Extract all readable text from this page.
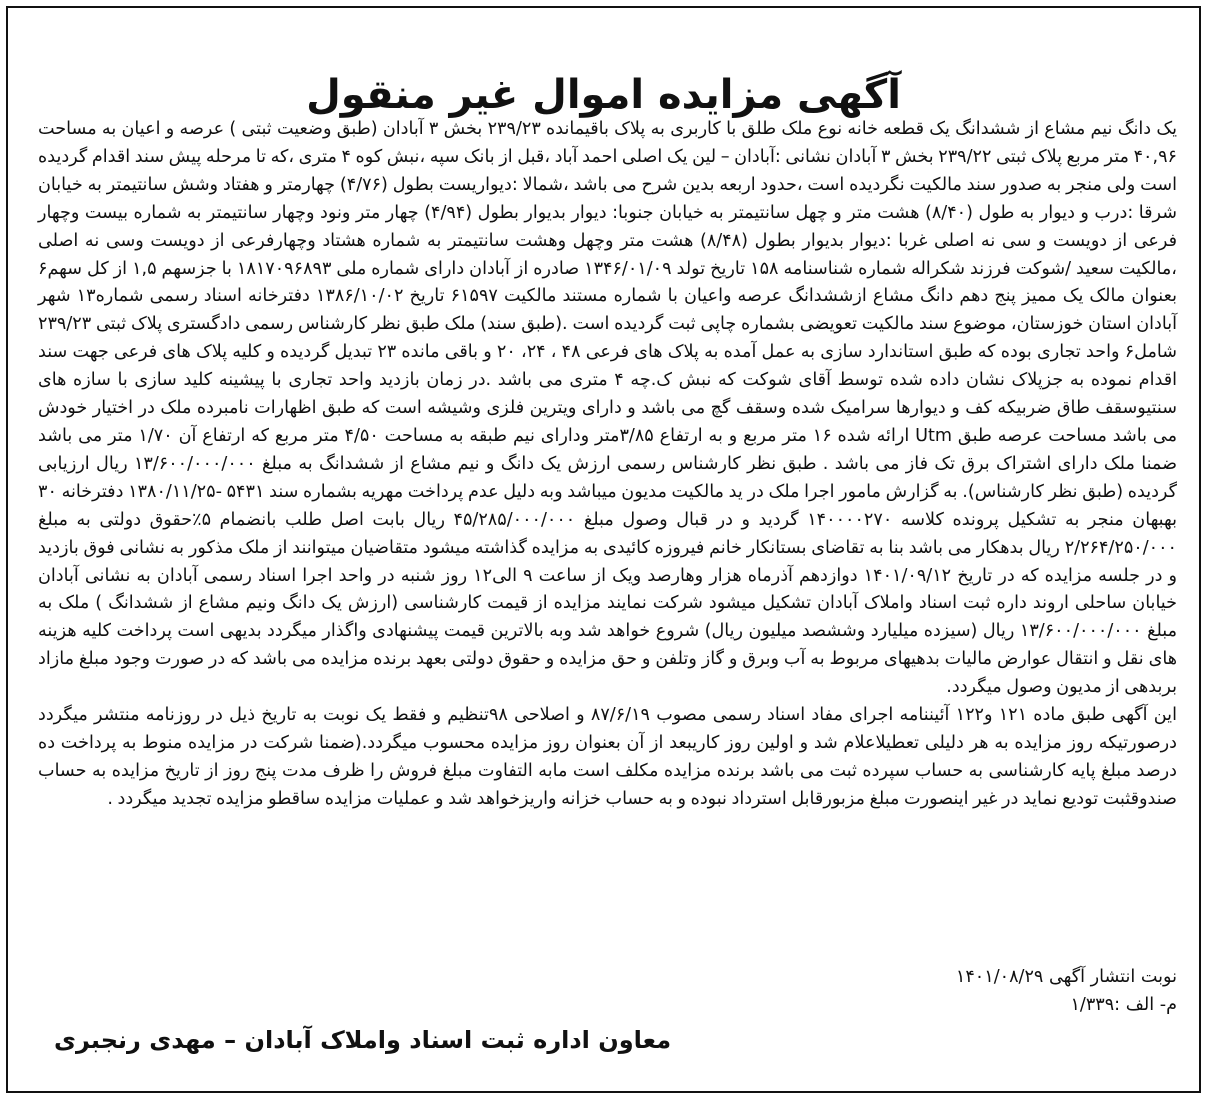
آگهی مزایده اموال غیر منقول

یک دانگ نیم مشاع از ششدانگ یک قطعه خانه نوع ملک طلق با کاربری به پلاک باقیمانده ۲۳۹/۲۳ بخش ۳ آبادان (طبق وضعیت ثبتی ) عرصه و اعیان به مساحت ۴۰,۹۶ متر مربع پلاک ثبتی ۲۳۹/۲۲ بخش ۳ آبادان نشانی :آبادان – لین یک اصلی احمد آباد ،قبل از بانک سپه ،نبش کوه ۴ متری ،که تا مرحله پیش سند اقدام گردیده است ولی منجر به صدور سند مالکیت نگردیده است ،حدود اربعه بدین شرح می باشد ،شمالا :دیواریست بطول (۴/۷۶) چهارمتر و هفتاد وشش سانتیمتر به خیابان شرقا :درب و دیوار به طول (۸/۴۰) هشت متر و چهل سانتیمتر به خیابان جنوبا: دیوار بدیوار بطول (۴/۹۴) چهار متر ونود وچهار سانتیمتر به شماره بیست وچهار فرعی از دویست و سی نه اصلی غربا :دیوار بدیوار بطول (۸/۴۸) هشت متر وچهل وهشت سانتیمتر به شماره هشتاد وچهارفرعی از دویست وسی نه اصلی ،مالکیت سعید /شوکت فرزند شکراله شماره شناسنامه ۱۵۸ تاریخ تولد ۱۳۴۶/۰۱/۰۹ صادره از آبادان دارای شماره ملی ۱۸۱۷۰۹۶۸۹۳ با جزسهم ۱,۵ از کل سهم۶ بعنوان مالک یک ممیز پنج دهم دانگ مشاع ازششدانگ عرصه واعیان با شماره مستند مالکیت ۶۱۵۹۷ تاریخ ۱۳۸۶/۱۰/۰۲ دفترخانه اسناد رسمی شماره۱۳ شهر آبادان استان خوزستان، موضوع سند مالکیت تعویضی بشماره چاپی ثبت گردیده است .(طبق سند) ملک طبق نظر کارشناس رسمی دادگستری پلاک ثبتی ۲۳۹/۲۳ شامل۶ واحد تجاری بوده که طبق استاندارد سازی به عمل آمده به پلاک های فرعی ۴۸ ، ۲۴، ۲۰ و باقی مانده ۲۳ تبدیل گردیده و کلیه پلاک های فرعی جهت سند اقدام نموده به جزپلاک نشان داده شده توسط آقای شوکت که نبش ک.چه ۴ متری می باشد .در زمان بازدید واحد تجاری با پیشینه کلید سازی با سازه های سنتیوسقف طاق ضربیکه کف و دیوارها سرامیک شده وسقف گچ می باشد و دارای ویترین فلزی وشیشه است که طبق اظهارات نامبرده ملک در اختیار خودش می باشد مساحت عرصه طبق Utm ارائه شده ۱۶ متر مربع و به ارتفاع ۳/۸۵متر ودارای نیم طبقه به مساحت ۴/۵۰ متر مربع که ارتفاع آن ۱/۷۰ متر می باشد ضمنا ملک دارای اشتراک برق تک فاز می باشد . طبق نظر کارشناس رسمی ارزش یک دانگ و نیم مشاع از ششدانگ به مبلغ ۱۳/۶۰۰/۰۰۰/۰۰۰ ریال ارزیابی گردیده (طبق نظر کارشناس). به گزارش مامور اجرا ملک در ید مالکیت مدیون میباشد وبه دلیل عدم پرداخت مهریه بشماره سند ۵۴۳۱ -۱۳۸۰/۱۱/۲۵ دفترخانه ۳۰ بهبهان منجر به تشکیل پرونده کلاسه ۱۴۰۰۰۰۲۷۰ گردید و در قبال وصول مبلغ ۴۵/۲۸۵/۰۰۰/۰۰۰ ریال بابت اصل طلب بانضمام ۵٪حقوق دولتی به مبلغ ۲/۲۶۴/۲۵۰/۰۰۰ ریال بدهکار می باشد بنا به تقاضای بستانکار خانم فیروزه کائیدی به مزایده گذاشته میشود متقاضیان میتوانند از ملک مذکور به نشانی فوق بازدید و در جلسه مزایده که در تاریخ ۱۴۰۱/۰۹/۱۲ دوازدهم آذرماه هزار وهارصد ویک از ساعت ۹ الی۱۲ روز شنبه در واحد اجرا اسناد رسمی آبادان به نشانی آبادان خیابان ساحلی اروند داره ثبت اسناد واملاک آبادان تشکیل میشود شرکت نمایند مزایده از قیمت کارشناسی (ارزش یک دانگ ونیم مشاع از ششدانگ ) ملک به مبلغ ۱۳/۶۰۰/۰۰۰/۰۰۰ ریال (سیزده میلیارد وششصد میلیون ریال) شروع خواهد شد وبه بالاترین قیمت پیشنهادی واگذار میگردد بدیهی است پرداخت کلیه هزینه های نقل و انتقال عوارض مالیات بدهیهای مربوط به آب وبرق و گاز وتلفن و حق مزایده و حقوق دولتی بعهد برنده مزایده می باشد که در صورت وجود مبلغ مازاد بربدهی از مدیون وصول میگردد.

این آگهی طبق ماده ۱۲۱ و۱۲۲ آئیننامه اجرای مفاد اسناد رسمی مصوب ۸۷/۶/۱۹ و اصلاحی ۹۸تنظیم و فقط یک نوبت به تاریخ ذیل در روزنامه منتشر میگردد درصورتیکه روز مزایده به هر دلیلی تعطیلاعلام شد و اولین روز کاریبعد از آن بعنوان روز مزایده محسوب میگردد.(ضمنا شرکت در مزایده منوط به پرداخت ده درصد مبلغ پایه کارشناسی به حساب سپرده ثبت می باشد برنده مزایده مکلف است مابه التفاوت مبلغ فروش را ظرف مدت پنج روز از تاریخ مزایده به حساب صندوقثبت توديع نمايد در غير اينصورت مبلغ مزبورقابل استرداد نبوده و به حساب خزانه واريزخواهد شد و عمليات مزايده ساقطو مزايده تجديد ميگردد .

نوبت انتشار آگهی ۱۴۰۱/۰۸/۲۹
م- الف :۱/۳۳۹
معاون اداره ثبت اسناد واملاک آبادان – مهدی رنجبری
